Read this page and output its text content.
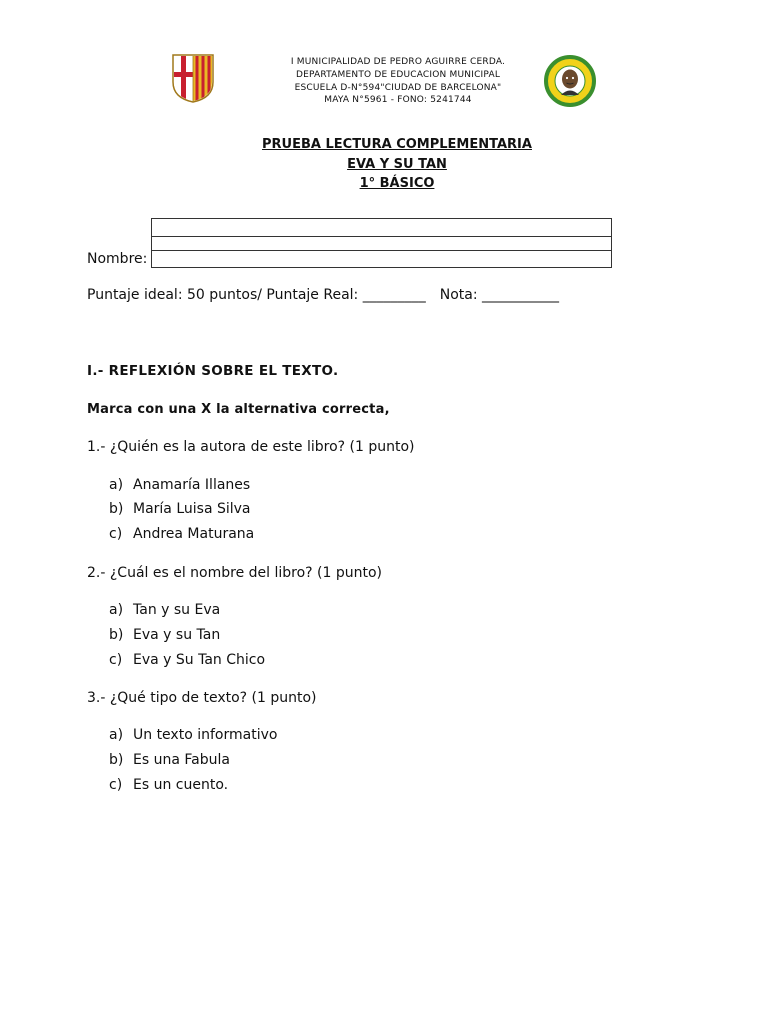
I MUNICIPALIDAD DE PEDRO AGUIRRE CERDA.
DEPARTAMENTO DE EDUCACION MUNICIPAL
ESCUELA D-N°594"CIUDAD DE BARCELONA"
MAYA N°5961 - FONO: 5241744
PRUEBA LECTURA COMPLEMENTARIA
EVA Y SU TAN
1° BÁSICO
Nombre:
Puntaje ideal: 50 puntos/ Puntaje Real: _________ Nota: ___________
I.- REFLEXIÓN SOBRE EL TEXTO.
Marca con una X la alternativa correcta,
1.- ¿Quién es la autora de este libro? (1 punto)
a) Anamaría Illanes
b) María Luisa Silva
c) Andrea Maturana
2.- ¿Cuál es el nombre del libro? (1 punto)
a) Tan y su Eva
b) Eva y su Tan
c) Eva y Su Tan Chico
3.- ¿Qué tipo de texto? (1 punto)
a) Un texto informativo
b) Es una Fabula
c) Es un cuento.
